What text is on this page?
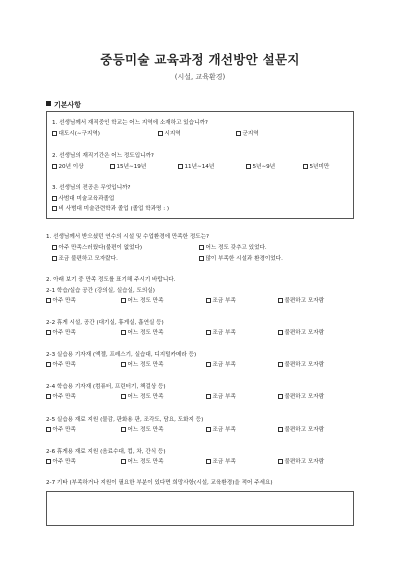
중등미술 교육과정 개선방안 설문지
(시설, 교육환경)
기본사항
1. 선생님께서 재직중인 학교는 어느 지역에 소재하고 있습니까?
대도시(∼구지역)	시지역	군지역
2. 선생님의 재직기간은 어느 정도입니까?
20년 이상	15년∼19년	11년∼14년	5년∼9년	5년미만
3. 선생님의 전공은 무엇입니까?
사범대 미술교육과졸업
비 사범대 미술관련학과 졸업 (졸업 학과명 : )
1. 선생님께서 받으셨던 연수의 시설 및 수업환경에 만족한 정도는?
아주 만족스러웠다(불편이 없었다)	어느 정도 갖추고 있었다.
조금 불편하고 모자랐다.	많이 부족한 시설과 환경이었다.
2. 아래 보기 중 만족 정도를 표기해 주시기 바랍니다.
2-1 학습/실습 공간 (강의실, 실습실, 도의실)
아주 만족	어느 정도 만족	조금 부족	불편하고 모자람
2-2 휴게 시설, 공간 (대기실, 휴게실, 흡연실 등)
아주 만족	어느 정도 만족	조금 부족	불편하고 모자람
2-3 실습용 기자재 (액젤, 프레스기, 실습대, 디지털카메라 등)
아주 만족	어느 정도 만족	조금 부족	불편하고 모자람
2-4 학습용 기자재 (컴퓨터, 프린터기, 책걸상 등)
아주 만족	어느 정도 만족	조금 부족	불편하고 모자람
2-5 실습용 재료 지원 (물감, 판화용 판, 조각도, 담요, 도화지 등)
아주 만족	어느 정도 만족	조금 부족	불편하고 모자람
2-6 휴게용 재료 지원 (음료수대, 컵, 차, 간식 등)
아주 만족	어느 정도 만족	조금 부족	불편하고 모자람
2-7 기타 (부족하거나 지원이 필요한 부분이 있다면 희망사항(시설, 교육환경)을 적어 주세요)
